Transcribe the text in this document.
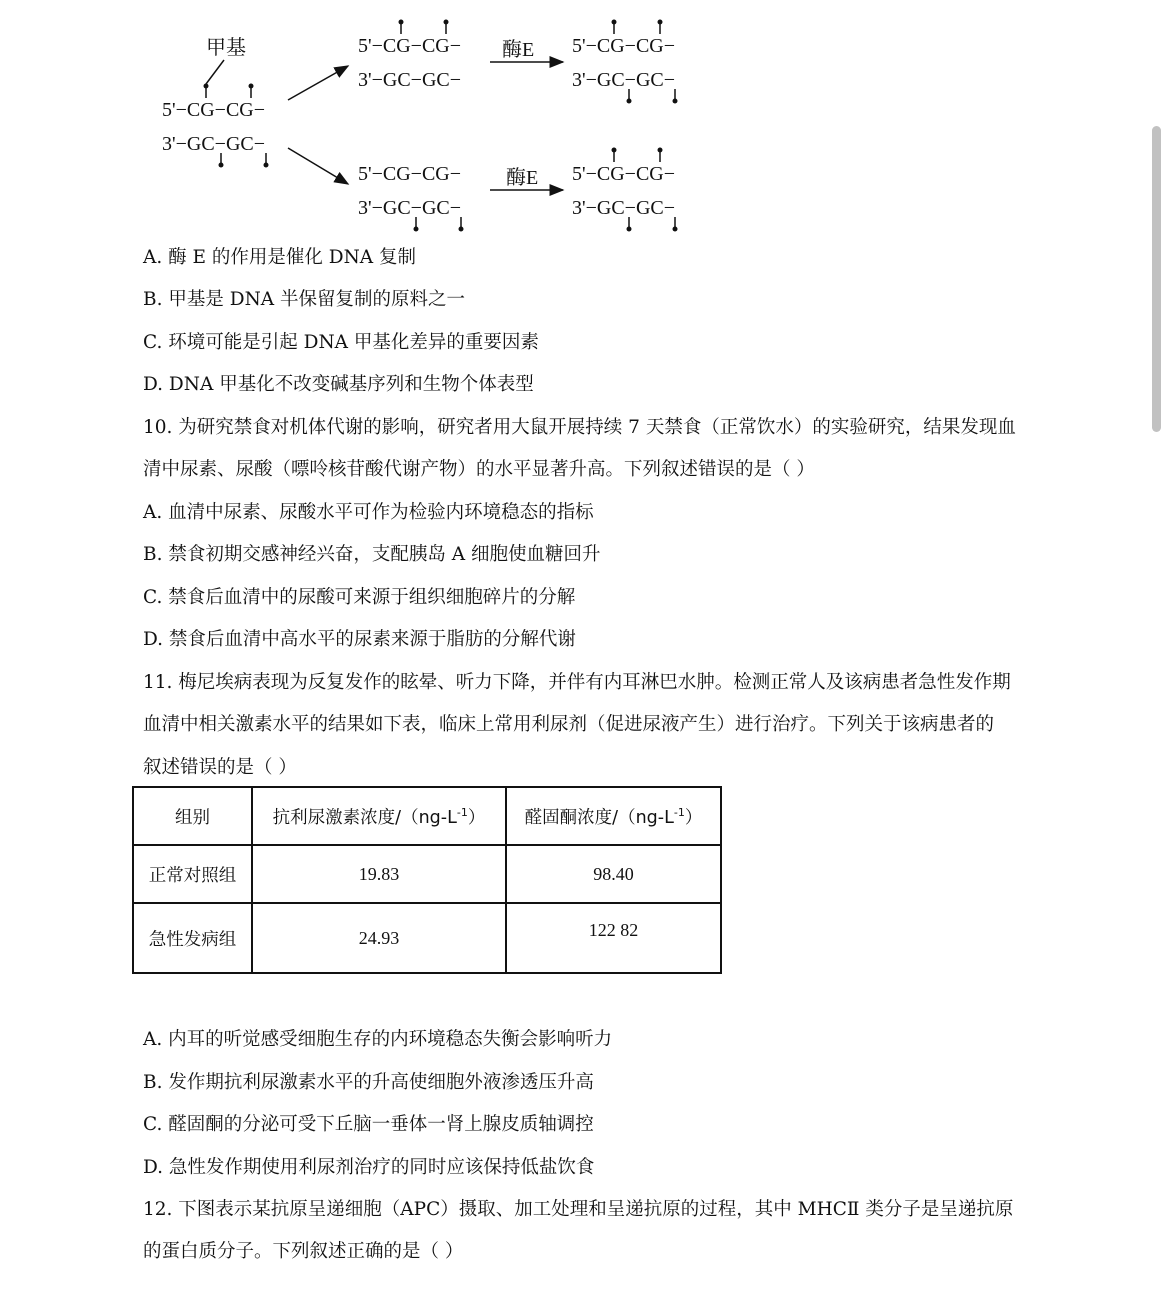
甲基
5'−CG−CG−
3'−GC−GC−
5'−CG−CG−
3'−GC−GC−
酶E 5'−CG−CG−
3'−GC−GC−
5'−CG−CG−
3'−GC−GC−
酶E 5'−CG−CG−
3'−GC−GC−
A. 酶 E 的作用是催化 DNA 复制
B. 甲基是 DNA 半保留复制的原料之一
C. 环境可能是引起 DNA 甲基化差异的重要因素
D. DNA 甲基化不改变碱基序列和生物个体表型
10. 为研究禁食对机体代谢的影响，研究者用大鼠开展持续 7 天禁食（正常饮水）的实验研究，结果发现血
清中尿素、尿酸（嘌呤核苷酸代谢产物）的水平显著升高。下列叙述错误的是（ ）
A. 血清中尿素、尿酸水平可作为检验内环境稳态的指标
B. 禁食初期交感神经兴奋，支配胰岛 A 细胞使血糖回升
C. 禁食后血清中的尿酸可来源于组织细胞碎片的分解
D. 禁食后血清中高水平的尿素来源于脂肪的分解代谢
11. 梅尼埃病表现为反复发作的眩晕、听力下降，并伴有内耳淋巴水肿。检测正常人及该病患者急性发作期
血清中相关激素水平的结果如下表，临床上常用利尿剂（促进尿液产生）进行治疗。下列关于该病患者的
叙述错误的是（ ）
组别	抗利尿激素浓度$/(ng-L^{-1})$	醛固酮浓度$/(ng-L^{-1})$
正常对照组	19.83	98.40
急性发病组	24.93	122 82
A. 内耳的听觉感受细胞生存的内环境稳态失衡会影响听力
B. 发作期抗利尿激素水平的升高使细胞外液渗透压升高
C. 醛固酮的分泌可受下丘脑一垂体一肾上腺皮质轴调控
D. 急性发作期使用利尿剂治疗的同时应该保持低盐饮食
12. 下图表示某抗原呈递细胞（APC）摄取、加工处理和呈递抗原的过程，其中 MHCⅡ 类分子是呈递抗原
的蛋白质分子。下列叙述正确的是（ ）
